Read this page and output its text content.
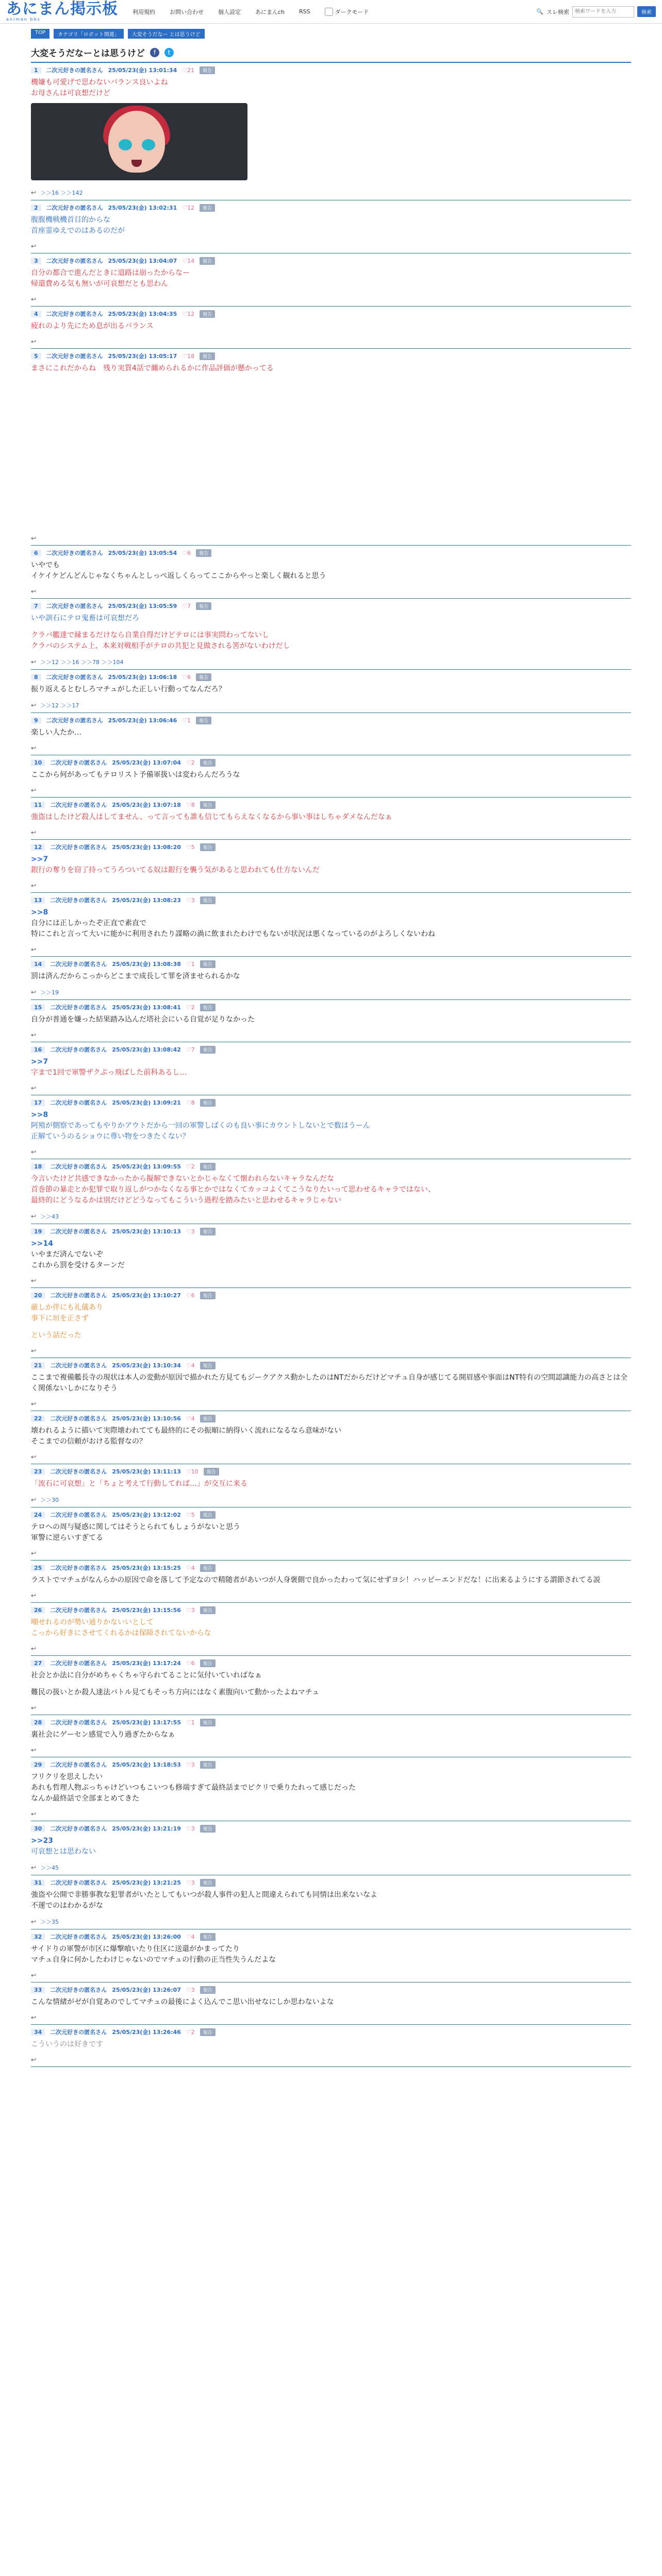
あにまん掲示板
animan bbs
利用規約	お問い合わせ	個人設定	あにまんch	RSS	ダークモード	🔍 スレ検索
検索ワードを入力	検索
TOP	カテゴリ「ロボット関連」	大変そうだなー とは思うけど
大変そうだなーとは思うけど	f	t
1	二次元好きの匿名さん 25/05/23(金) 13:01:34 ♡21	報告
機嫌も可愛げで思わないバランス良いよね
お母さんは可哀想だけど
↩ ＞＞16 ＞＞142
2	二次元好きの匿名さん 25/05/23(金) 13:02:31 ♡12	報告
腹腹機戦機首目的からな
首座霊ゆえでのはあるのだが
↩
3	二次元好きの匿名さん 25/05/23(金) 13:04:07 ♡14	報告
自分の都合で進んだときに道路は崩ったからなー
帰還費める気も無いが可哀想だとも思わん
↩
4	二次元好きの匿名さん 25/05/23(金) 13:04:35 ♡12	報告
疲れのより先にため息が出るバランス
↩
5	二次元好きの匿名さん 25/05/23(金) 13:05:17 ♡18	報告
まさにこれだからね　残り実質4話で纏められるかに作品評価が懸かってる
↩
6	二次元好きの匿名さん 25/05/23(金) 13:05:54 ♡6	報告
いやでも
イケイケどんどんじゃなくちゃんとしっぺ返しくらってここからやっと楽しく観れると思う
↩
7	二次元好きの匿名さん 25/05/23(金) 13:05:59 ♡7	報告
いや訓石にテロ鬼畜は可哀想だろ
クラバ艦達で縁まるだけなら自業自得だけどテロには事実問わってないし
クラバのシステム上、本来対戦相手がテロの共犯と見做される筈がないわけだし
↩ ＞＞12 ＞＞16 ＞＞78 ＞＞104
8	二次元好きの匿名さん 25/05/23(金) 13:06:18 ♡6	報告
振り返えるとむしろマチュがした正しい行動ってなんだろ？
↩ ＞＞12 ＞＞17
9	二次元好きの匿名さん 25/05/23(金) 13:06:46 ♡1	報告
楽しい人たか…
↩
10	二次元好きの匿名さん 25/05/23(金) 13:07:04 ♡2	報告
ここから何があってもテロリスト予備軍扱いは変わらんだろうな
↩
11	二次元好きの匿名さん 25/05/23(金) 13:07:18 ♡8	報告
強盗はしたけど殺人はしてません、って言っても誰も信じてもらえなくなるから事い事はしちゃダメなんだなぁ
↩
12	二次元好きの匿名さん 25/05/23(金) 13:08:20 ♡5	報告
>>7
銀行の奪りを窃了持ってうろついてる奴は銀行を襲う気があると思われても仕方ないんだ
↩
13	二次元好きの匿名さん 25/05/23(金) 13:08:23 ♡3	報告
>>8
自分には正しかったぞ正直で素直で
特にこれと言って大いに能かに利用されたり謀略の渦に飲まれたわけでもないが状況は悪くなっているのがよろしくないわね
↩
14	二次元好きの匿名さん 25/05/23(金) 13:08:38 ♡1	報告
罰は済んだからこっからどこまで成長して罪を済ませられるかな
↩ ＞＞19
15	二次元好きの匿名さん 25/05/23(金) 13:08:41 ♡2	報告
自分が普通を嫌った結果踏み込んだ塔社会にいる自覚が足りなかった
↩
16	二次元好きの匿名さん 25/05/23(金) 13:08:42 ♡7	報告
>>7
字まで1回で軍警ザクぶっ飛ばした前科あるし…
↩
17	二次元好きの匿名さん 25/05/23(金) 13:09:21 ♡8	報告
>>8
阿殖が側察であってもやりかアウトだから一回の軍警しばくのも良い事にカウントしないとで数はうーん
正解ていうのるショウに尊い物をつきたくない？
↩
18	二次元好きの匿名さん 25/05/23(金) 13:09:55 ♡2	報告
今言いたけど共感できなかったから擬解できないとかじゃなくて懐われらないキャラなんだな
首巻節の暴走とか犯罪で取り返しがつかなくなる事とかではなくてカッコよくてこうなりたいって思わせるキャラではない、
最終的にどうなるかは別だけどどうなってもこういう過程を踏みたいと思わせるキャラじゃない
↩ ＞＞43
19	二次元好きの匿名さん 25/05/23(金) 13:10:13 ♡3	報告
>>14
いやまだ済んでないぞ
これから罰を受けるターンだ
↩
20	二次元好きの匿名さん 25/05/23(金) 13:10:27 ♡6	報告
厳しか伴にも礼儀あり
事下に垣を正さず
という話だった
↩
21	二次元好きの匿名さん 25/05/23(金) 13:10:34 ♡4	報告
ここまで複備艦長寺の現状は本人の変動が原因で描かれた方見てもジークアクス動かしたのはNTだからだけどマチュ自身が感じてる開眉感や事面はNT特有の空間認識能力の高さとは全く関係ないしかになりそう
↩
22	二次元好きの匿名さん 25/05/23(金) 13:10:56 ♡4	報告
壊われるように描いて実際壊われてても最終的にその振順に納得いく流れになるなら意味がない
そこまでの信頼がおける監督なの？
↩
23	二次元好きの匿名さん 25/05/23(金) 13:11:13 ♡10	報告
「流石に可哀想」と「ちょと考えて行動してれば…」が交互に来る
↩ ＞＞30
24	二次元好きの匿名さん 25/05/23(金) 13:12:02 ♡5	報告
テロへの周与疑惑に関してはそうとられてもしょうがないと思う
軍警に逆らいすぎてる
↩
25	二次元好きの匿名さん 25/05/23(金) 13:15:25 ♡4	報告
ラストでマチュがなんらかの原因で命を落して予定なので精随者があいつが人身褒側で良かったわって気にせずヨシ！ハッピーエンドだな！に出来るようにする謂節されてる説
↩
26	二次元好きの匿名さん 25/05/23(金) 13:15:56 ♡3	報告
嘲せれるのが勢い通りかないいとして
こっから好きにさせてくれるかは保障されてないからな
↩
27	二次元好きの匿名さん 25/05/23(金) 13:17:24 ♡6	報告
社会とか法に自分がめちゃくちゃ守られてることに気付いていればなぁ
難民の扱いとか殺人達法バトル見てもそっち方向にはなく素腹向いて動かったよねマチュ
↩
28	二次元好きの匿名さん 25/05/23(金) 13:17:55 ♡1	報告
裏社会にゲーセン感覚で入り過ぎたからなぁ
↩
29	二次元好きの匿名さん 25/05/23(金) 13:18:53 ♡3	報告
フリクリを思えしたい
あれも哲理人物ぷっちゃけどいつもこいつも修端すぎて最終話までピクリで乗りたれって感じだった
なんか最終話で全部まとめてきた
↩
30	二次元好きの匿名さん 25/05/23(金) 13:21:19 ♡3	報告
>>23
可哀想とは思わない
↩ ＞＞45
31	二次元好きの匿名さん 25/05/23(金) 13:21:25 ♡3	報告
強盗や公開で非勝事教な犯罪者がいたとしてもいつが殺人事件の犯人と間違えられても同情は出来ないなよ
不運でのはわかるがな
↩ ＞＞35
32	二次元好きの匿名さん 25/05/23(金) 13:26:00 ♡4	報告
サイドりの軍警が市区に爆撃喰いたり住区に送還がかまってたり
マチュ自身に何かしたわけじゃないのでマチュの行動の正当性失うんだよな
↩
33	二次元好きの匿名さん 25/05/23(金) 13:26:07 ♡3	報告
こんな情緒がゼが自覚あのでしてマチュの最後によく込んでこ思い出せなにしか思わないよな
↩
34	二次元好きの匿名さん 25/05/23(金) 13:26:46 ♡2	報告
こういうのは好きです
↩
